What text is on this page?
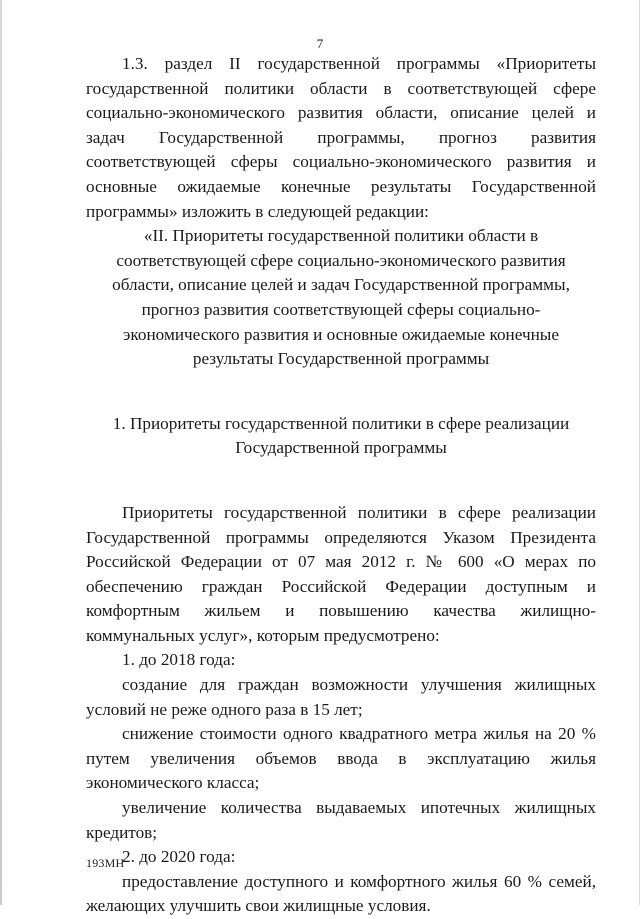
7

1.3. раздел II государственной программы «Приоритеты государственной политики области в соответствующей сфере социально-экономического развития области, описание целей и задач Государственной программы, прогноз развития соответствующей сферы социально-экономического развития и основные ожидаемые конечные результаты Государственной программы» изложить в следующей редакции:

«II. Приоритеты государственной политики области в соответствующей сфере социально-экономического развития области, описание целей и задач Государственной программы, прогноз развития соответствующей сферы социально-экономического развития и основные ожидаемые конечные результаты Государственной программы

1. Приоритеты государственной политики в сфере реализации Государственной программы

Приоритеты государственной политики в сфере реализации Государственной программы определяются Указом Президента Российской Федерации от 07 мая 2012 г. № 600 «О мерах по обеспечению граждан Российской Федерации доступным и комфортным жильем и повышению качества жилищно-коммунальных услуг», которым предусмотрено:

1. до 2018 года:

создание для граждан возможности улучшения жилищных условий не реже одного раза в 15 лет;

снижение стоимости одного квадратного метра жилья на 20 % путем увеличения объемов ввода в эксплуатацию жилья экономического класса;

увеличение количества выдаваемых ипотечных жилищных кредитов;

2. до 2020 года:

предоставление доступного и комфортного жилья 60 % семей, желающих улучшить свои жилищные условия.

193МН
